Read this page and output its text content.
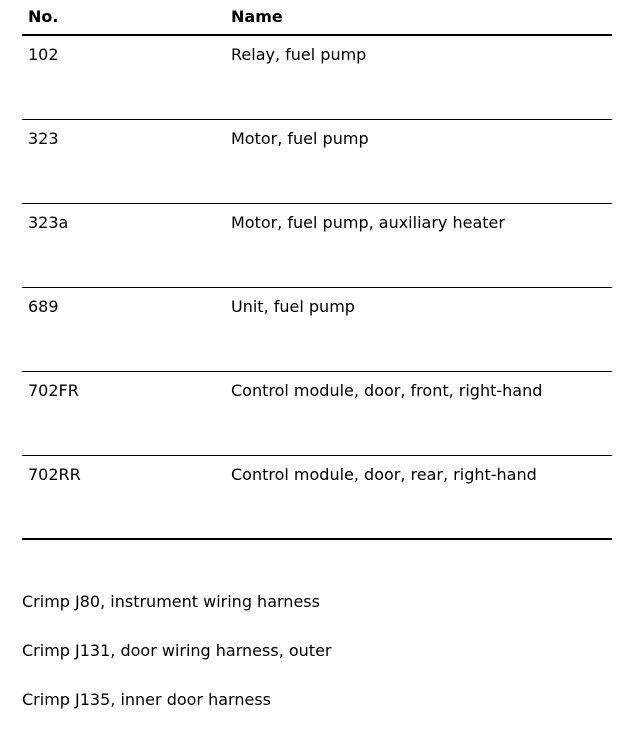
No.	Name
102	Relay, fuel pump
323	Motor, fuel pump
323a	Motor, fuel pump, auxiliary heater
689	Unit, fuel pump
702FR	Control module, door, front, right-hand
702RR	Control module, door, rear, right-hand
Crimp J80, instrument wiring harness
Crimp J131, door wiring harness, outer
Crimp J135, inner door harness
